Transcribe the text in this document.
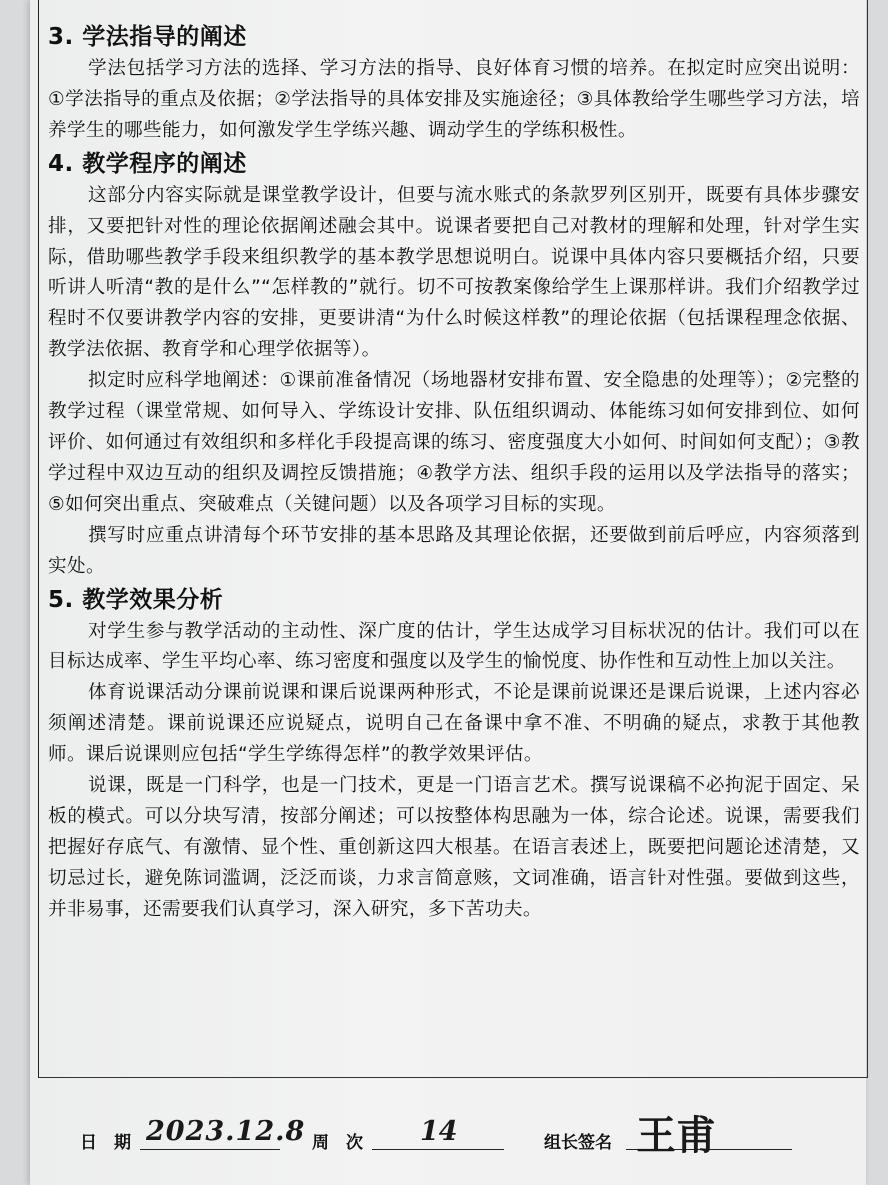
3. 学法指导的阐述

学法包括学习方法的选择、学习方法的指导、良好体育习惯的培养。在拟定时应突出说明：①学法指导的重点及依据；②学法指导的具体安排及实施途径；③具体教给学生哪些学习方法，培养学生的哪些能力，如何激发学生学练兴趣、调动学生的学练积极性。

4. 教学程序的阐述

这部分内容实际就是课堂教学设计，但要与流水账式的条款罗列区别开，既要有具体步骤安排，又要把针对性的理论依据阐述融会其中。说课者要把自己对教材的理解和处理，针对学生实际，借助哪些教学手段来组织教学的基本教学思想说明白。说课中具体内容只要概括介绍，只要听讲人听清“教的是什么”“怎样教的”就行。切不可按教案像给学生上课那样讲。我们介绍教学过程时不仅要讲教学内容的安排，更要讲清“为什么时候这样教”的理论依据（包括课程理念依据、教学法依据、教育学和心理学依据等）。

拟定时应科学地阐述：①课前准备情况（场地器材安排布置、安全隐患的处理等）；②完整的教学过程（课堂常规、如何导入、学练设计安排、队伍组织调动、体能练习如何安排到位、如何评价、如何通过有效组织和多样化手段提高课的练习、密度强度大小如何、时间如何支配）；③教学过程中双边互动的组织及调控反馈措施；④教学方法、组织手段的运用以及学法指导的落实；⑤如何突出重点、突破难点（关键问题）以及各项学习目标的实现。

撰写时应重点讲清每个环节安排的基本思路及其理论依据，还要做到前后呼应，内容须落到实处。

5. 教学效果分析

对学生参与教学活动的主动性、深广度的估计，学生达成学习目标状况的估计。我们可以在目标达成率、学生平均心率、练习密度和强度以及学生的愉悦度、协作性和互动性上加以关注。

体育说课活动分课前说课和课后说课两种形式，不论是课前说课还是课后说课，上述内容必须阐述清楚。课前说课还应说疑点，说明自己在备课中拿不准、不明确的疑点，求教于其他教师。课后说课则应包括“学生学练得怎样”的教学效果评估。

说课，既是一门科学，也是一门技术，更是一门语言艺术。撰写说课稿不必拘泥于固定、呆板的模式。可以分块写清，按部分阐述；可以按整体构思融为一体，综合论述。说课，需要我们把握好存底气、有激情、显个性、重创新这四大根基。在语言表述上，既要把问题论述清楚，又切忌过长，避免陈词滥调，泛泛而谈，力求言简意赅，文词准确，语言针对性强。要做到这些，并非易事，还需要我们认真学习，深入研究，多下苦功夫。

日　期 2023.12.8 周　次 14	组长签名 王甫
